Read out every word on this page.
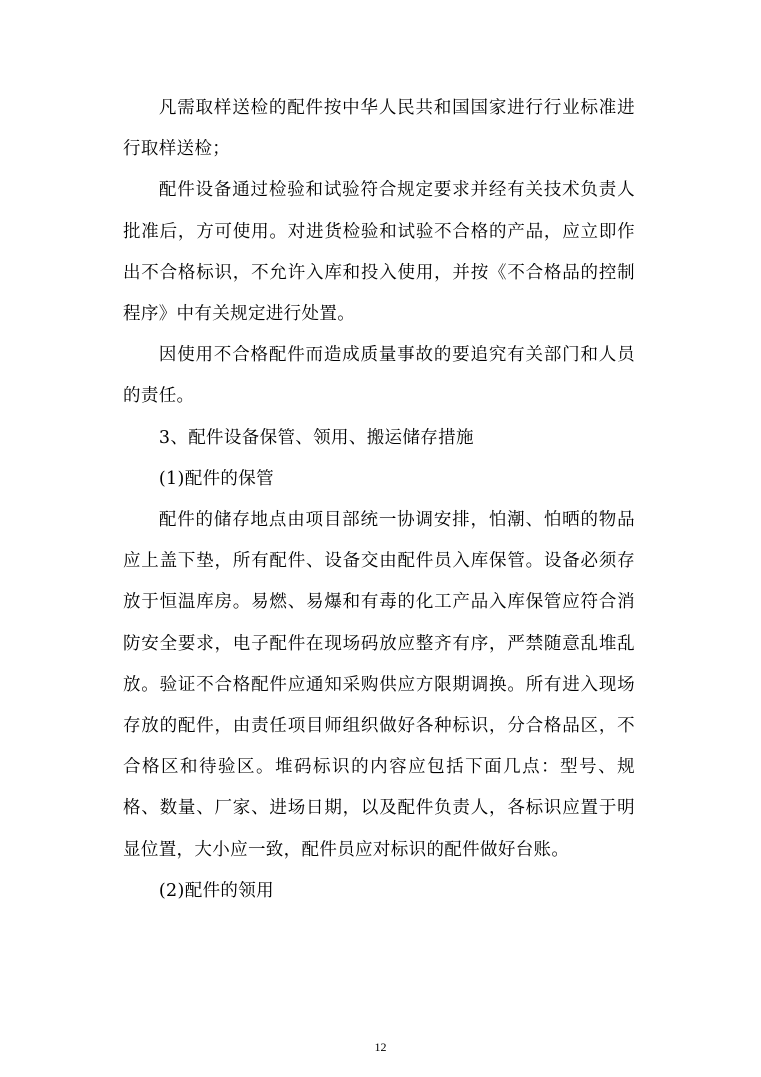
凡需取样送检的配件按中华人民共和国国家进行行业标准进行取样送检；

配件设备通过检验和试验符合规定要求并经有关技术负责人批准后，方可使用。对进货检验和试验不合格的产品，应立即作出不合格标识，不允许入库和投入使用，并按《不合格品的控制程序》中有关规定进行处置。

因使用不合格配件而造成质量事故的要追究有关部门和人员的责任。

3、配件设备保管、领用、搬运储存措施

(1)配件的保管

配件的储存地点由项目部统一协调安排，怕潮、怕晒的物品应上盖下垫，所有配件、设备交由配件员入库保管。设备必须存放于恒温库房。易燃、易爆和有毒的化工产品入库保管应符合消防安全要求，电子配件在现场码放应整齐有序，严禁随意乱堆乱放。验证不合格配件应通知采购供应方限期调换。所有进入现场存放的配件，由责任项目师组织做好各种标识，分合格品区，不合格区和待验区。堆码标识的内容应包括下面几点：型号、规格、数量、厂家、进场日期，以及配件负责人，各标识应置于明显位置，大小应一致，配件员应对标识的配件做好台账。

(2)配件的领用

12
